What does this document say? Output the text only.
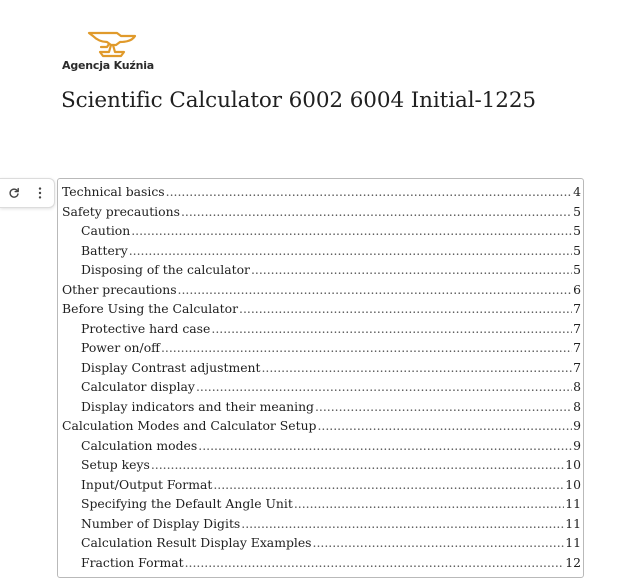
Agencja Kuźnia
Scientific Calculator 6002 6004 Initial-1225
Technical basics .....	4
Safety precautions .....	5
Caution .....	5
Battery .....	5
Disposing of the calculator .....	5
Other precautions .....	6
Before Using the Calculator .....	7
Protective hard case .....	7
Power on/off .....	7
Display Contrast adjustment .....	7
Calculator display .....	8
Display indicators and their meaning .....	8
Calculation Modes and Calculator Setup .....	9
Calculation modes .....	9
Setup keys .....	10
Input/Output Format .....	10
Specifying the Default Angle Unit .....	11
Number of Display Digits .....	11
Calculation Result Display Examples .....	11
Fraction Format .....	12
